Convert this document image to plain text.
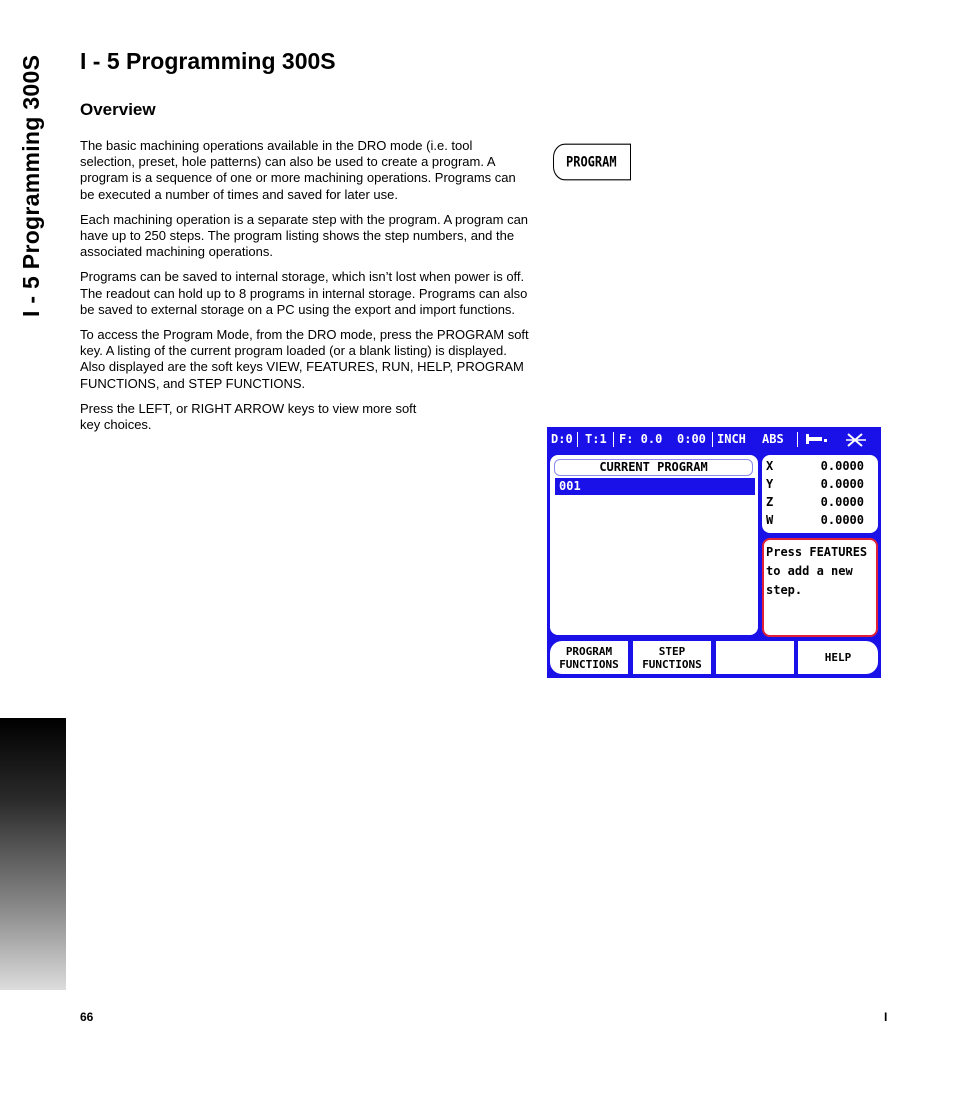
I - 5 Programming 300S I - 5 Programming 300S
Overview

The basic machining operations available in the DRO mode (i.e. tool selection, preset, hole patterns) can also be used to create a program. A program is a sequence of one or more machining operations. Programs can be executed a number of times and saved for later use.

Each machining operation is a separate step with the program. A program can have up to 250 steps. The program listing shows the step numbers, and the associated machining operations.

Programs can be saved to internal storage, which isn’t lost when power is off. The readout can hold up to 8 programs in internal storage. Programs can also be saved to external storage on a PC using the export and import functions.

To access the Program Mode, from the DRO mode, press the PROGRAM soft key. A listing of the current program loaded (or a blank listing) is displayed. Also displayed are the soft keys VIEW, FEATURES, RUN, HELP, PROGRAM FUNCTIONS, and STEP FUNCTIONS.

Press the LEFT, or RIGHT ARROW keys to view more soft key choices.

PROGRAM
D:0 T:1 F: 0.0 0:00 INCH ABS
CURRENT PROGRAM
001
X	0.0000
Y	0.0000
Z	0.0000
W	0.0000
Press FEATURES
to add a new
step.
PROGRAM
FUNCTIONS
STEP
FUNCTIONS	HELP
66	I
